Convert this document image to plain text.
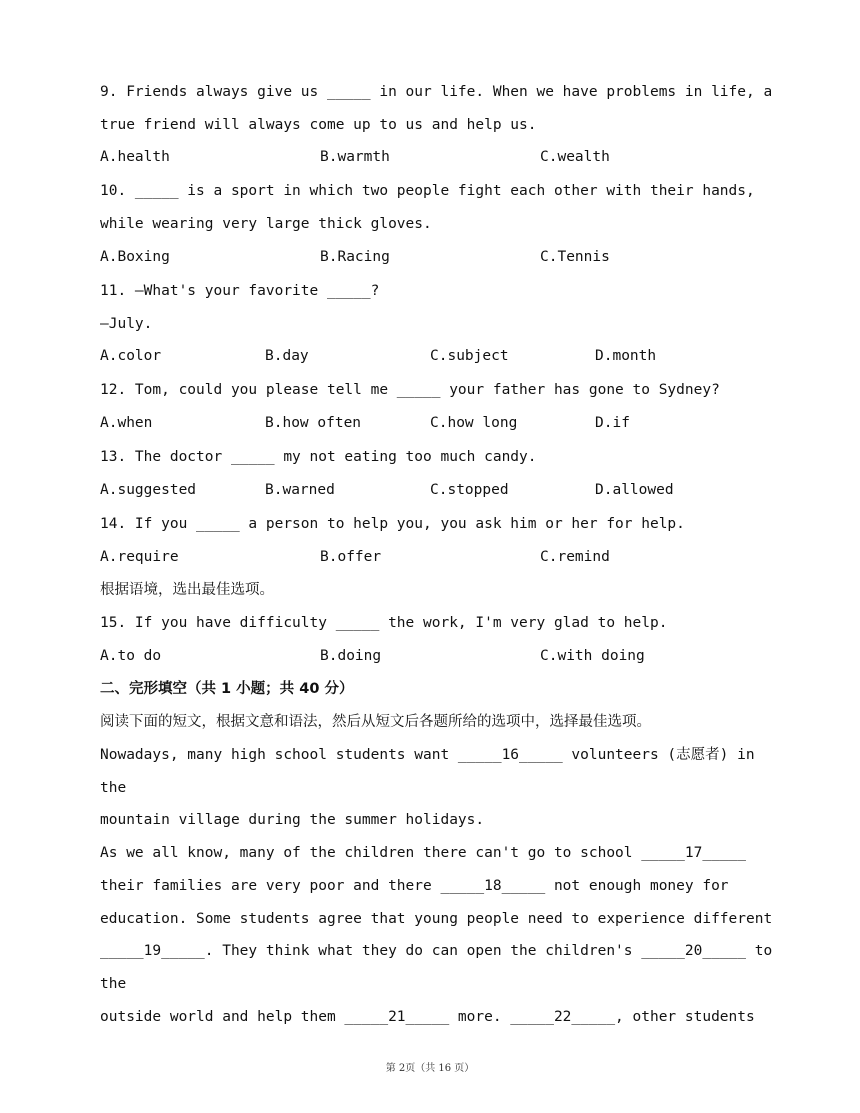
9. Friends always give us _____ in our life. When we have problems in life, a
true friend will always come up to us and help us.

A.health

	B.warmth

	C.wealth

10. _____ is a sport in which two people fight each other with their hands,
while wearing very large thick gloves.

A.Boxing

	B.Racing

	C.Tennis

11. —What's your favorite _____?
—July.

A.color

	B.day

	C.subject

	D.month

12. Tom, could you please tell me _____ your father has gone to Sydney?

A.when

	B.how often

	C.how long

	D.if

13. The doctor _____ my not eating too much candy.

A.suggested

	B.warned

	C.stopped

	D.allowed

14. If you _____ a person to help you, you ask him or her for help.

A.require

	B.offer

	C.remind

根据语境，选出最佳选项。
15. If you have difficulty _____ the work, I'm very glad to help.

A.to do

	B.doing

	C.with doing

二、完形填空（共 1 小题；共 40 分）
阅读下面的短文，根据文意和语法，然后从短文后各题所给的选项中，选择最佳选项。
Nowadays, many high school students want _____16_____ volunteers (志愿者) in
the
mountain village during the summer holidays.
As we all know, many of the children there can't go to school _____17_____
their families are very poor and there _____18_____ not enough money for
education. Some students agree that young people need to experience different
_____19_____. They think what they do can open the children's _____20_____ to
the
outside world and help them _____21_____ more. _____22_____, other students
第 2页（共 16 页）
